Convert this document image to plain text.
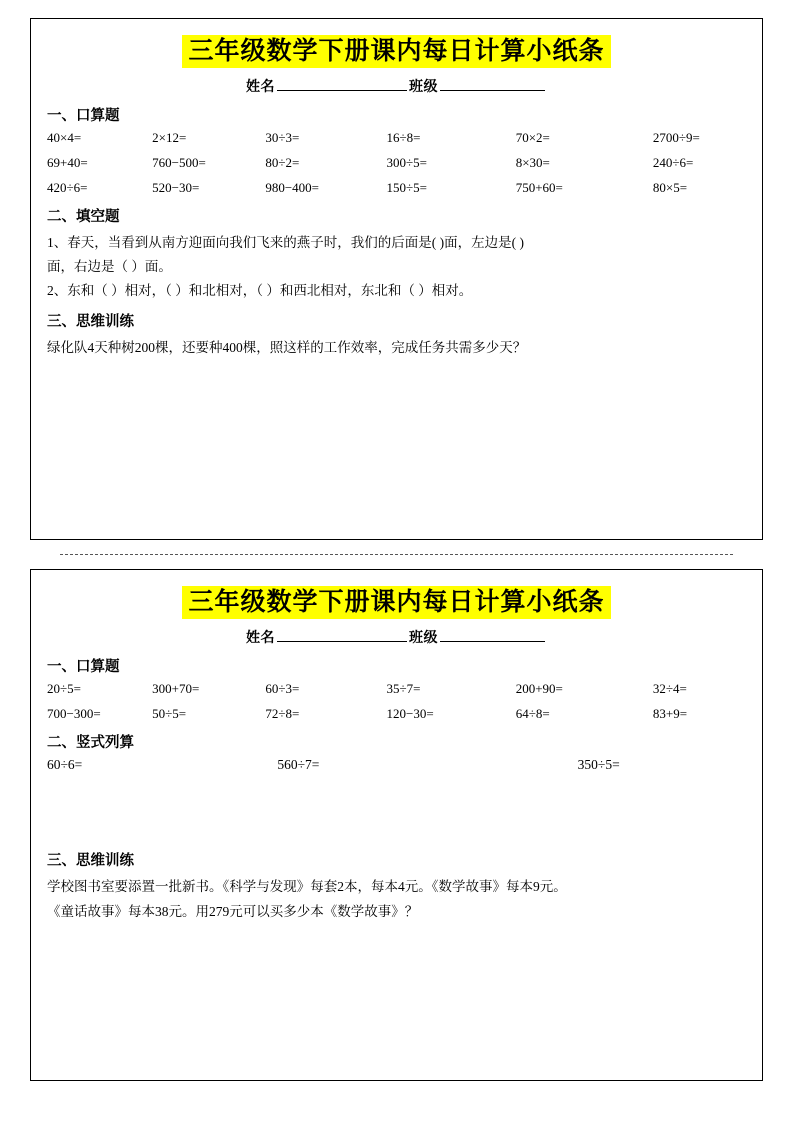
三年级数学下册课内每日计算小纸条
姓名	班级
一、口算题
40×4=	2×12=	30÷3=	16÷8=	70×2=	2700÷9=
69+40=	760−500=	80÷2=	300÷5=	8×30=	240÷6=
420÷6=	520−30=	980−400=	150÷5=	750+60=	80×5=
二、填空题
1、春天，当看到从南方迎面向我们飞来的燕子时，我们的后面是( )面，左边是( )
面，右边是（ ）面。
2、东和（ ）相对，（ ）和北相对，（ ）和西北相对，东北和（ ）相对。
三、思维训练
绿化队4天种树200棵，还要种400棵，照这样的工作效率，完成任务共需多少天？
三年级数学下册课内每日计算小纸条
姓名	班级
一、口算题
20÷5=	300+70=	60÷3=	35÷7=	200+90=	32÷4=
700−300=	50÷5=	72÷8=	120−30=	64÷8=	83+9=
二、竖式列算
60÷6=	560÷7=	350÷5=
三、思维训练
学校图书室要添置一批新书。《科学与发现》每套2本，每本4元。《数学故事》每本9元。
《童话故事》每本38元。用279元可以买多少本《数学故事》？
